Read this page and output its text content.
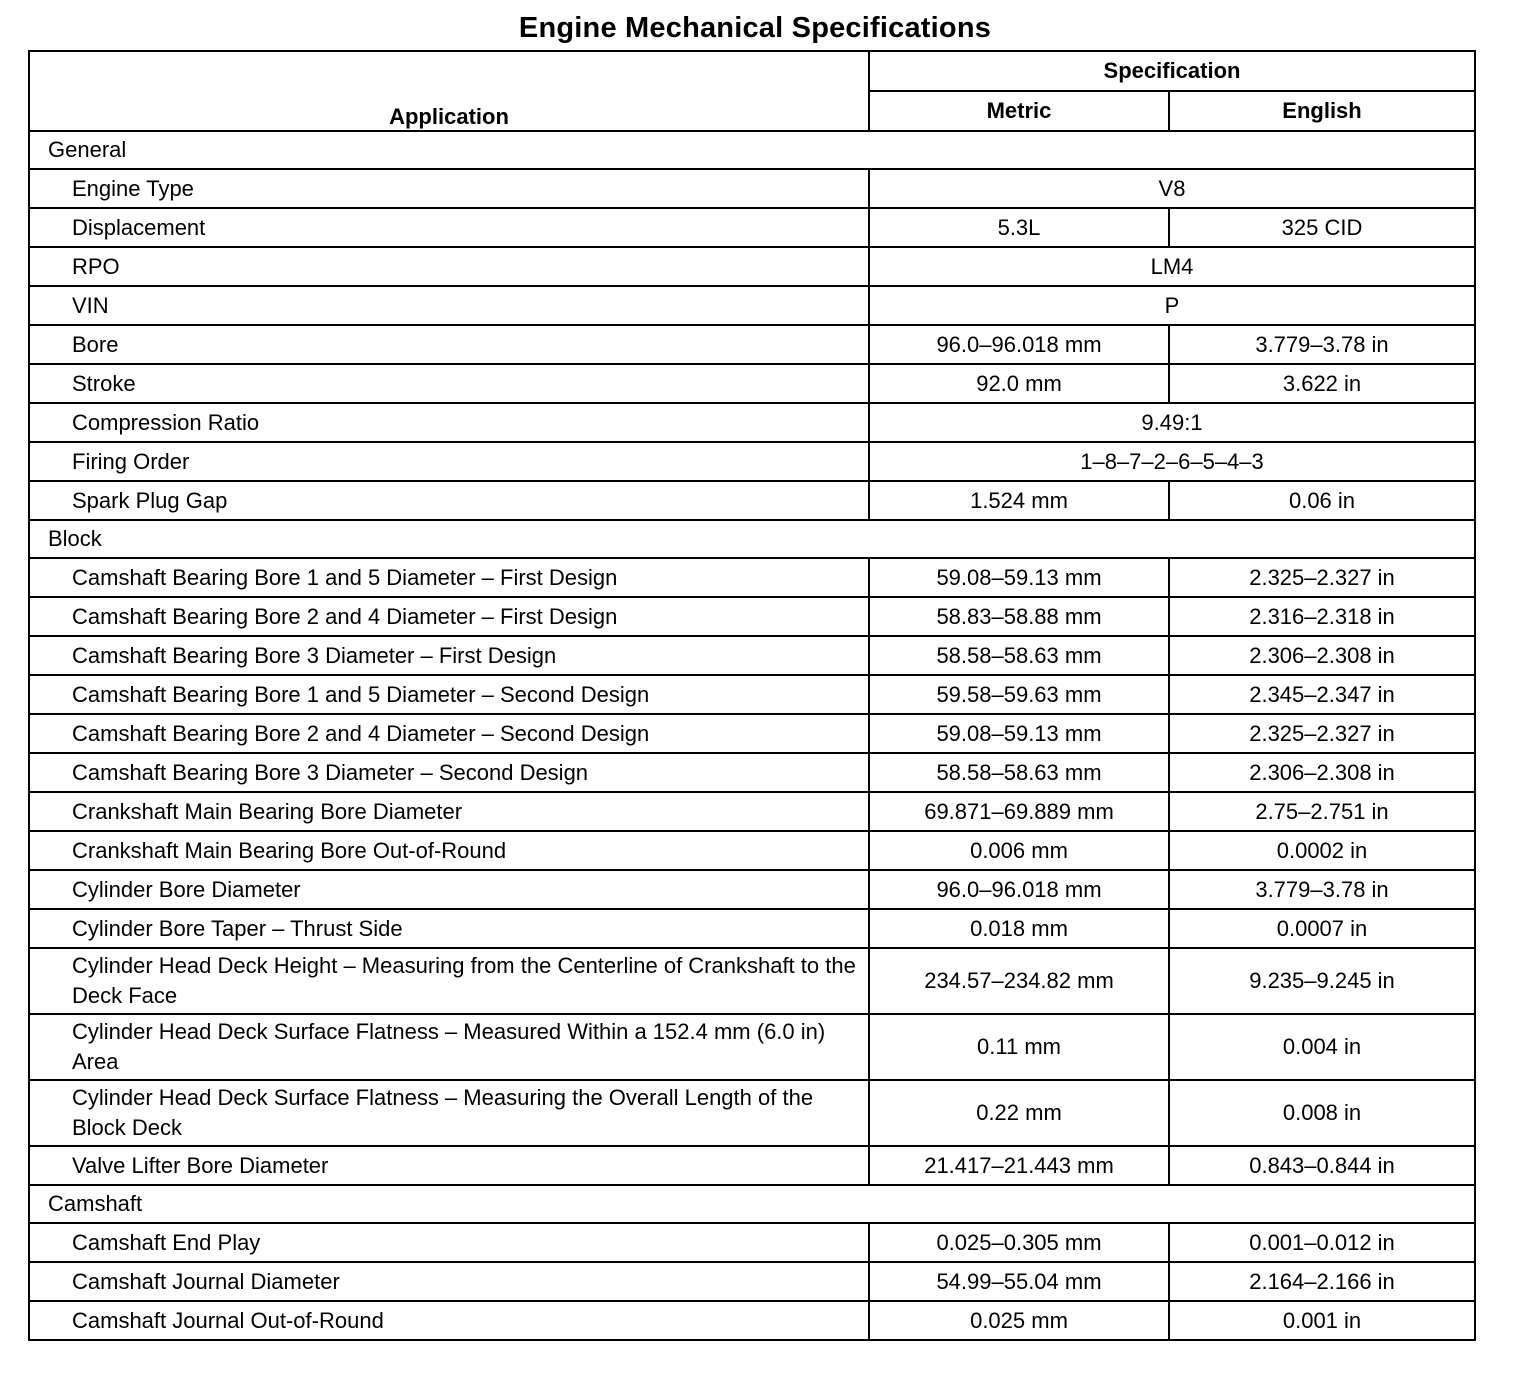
Engine Mechanical Specifications
Application	Specification	
	Metric	English
General		
Engine Type	V8	
Displacement	5.3L	325 CID
RPO	LM4	
VIN	P	
Bore	96.0–96.018 mm	3.779–3.78 in
Stroke	92.0 mm	3.622 in
Compression Ratio	9.49:1	
Firing Order	1–8–7–2–6–5–4–3	
Spark Plug Gap	1.524 mm	0.06 in
Block		
Camshaft Bearing Bore 1 and 5 Diameter – First Design	59.08–59.13 mm	2.325–2.327 in
Camshaft Bearing Bore 2 and 4 Diameter – First Design	58.83–58.88 mm	2.316–2.318 in
Camshaft Bearing Bore 3 Diameter – First Design	58.58–58.63 mm	2.306–2.308 in
Camshaft Bearing Bore 1 and 5 Diameter – Second Design	59.58–59.63 mm	2.345–2.347 in
Camshaft Bearing Bore 2 and 4 Diameter – Second Design	59.08–59.13 mm	2.325–2.327 in
Camshaft Bearing Bore 3 Diameter – Second Design	58.58–58.63 mm	2.306–2.308 in
Crankshaft Main Bearing Bore Diameter	69.871–69.889 mm	2.75–2.751 in
Crankshaft Main Bearing Bore Out-of-Round	0.006 mm	0.0002 in
Cylinder Bore Diameter	96.0–96.018 mm	3.779–3.78 in
Cylinder Bore Taper – Thrust Side	0.018 mm	0.0007 in
Cylinder Head Deck Height – Measuring from the Centerline of Crankshaft to the Deck Face	234.57–234.82 mm	9.235–9.245 in
Cylinder Head Deck Surface Flatness – Measured Within a 152.4 mm (6.0 in) Area	0.11 mm	0.004 in
Cylinder Head Deck Surface Flatness – Measuring the Overall Length of the Block Deck	0.22 mm	0.008 in
Valve Lifter Bore Diameter	21.417–21.443 mm	0.843–0.844 in
Camshaft		
Camshaft End Play	0.025–0.305 mm	0.001–0.012 in
Camshaft Journal Diameter	54.99–55.04 mm	2.164–2.166 in
Camshaft Journal Out-of-Round	0.025 mm	0.001 in
